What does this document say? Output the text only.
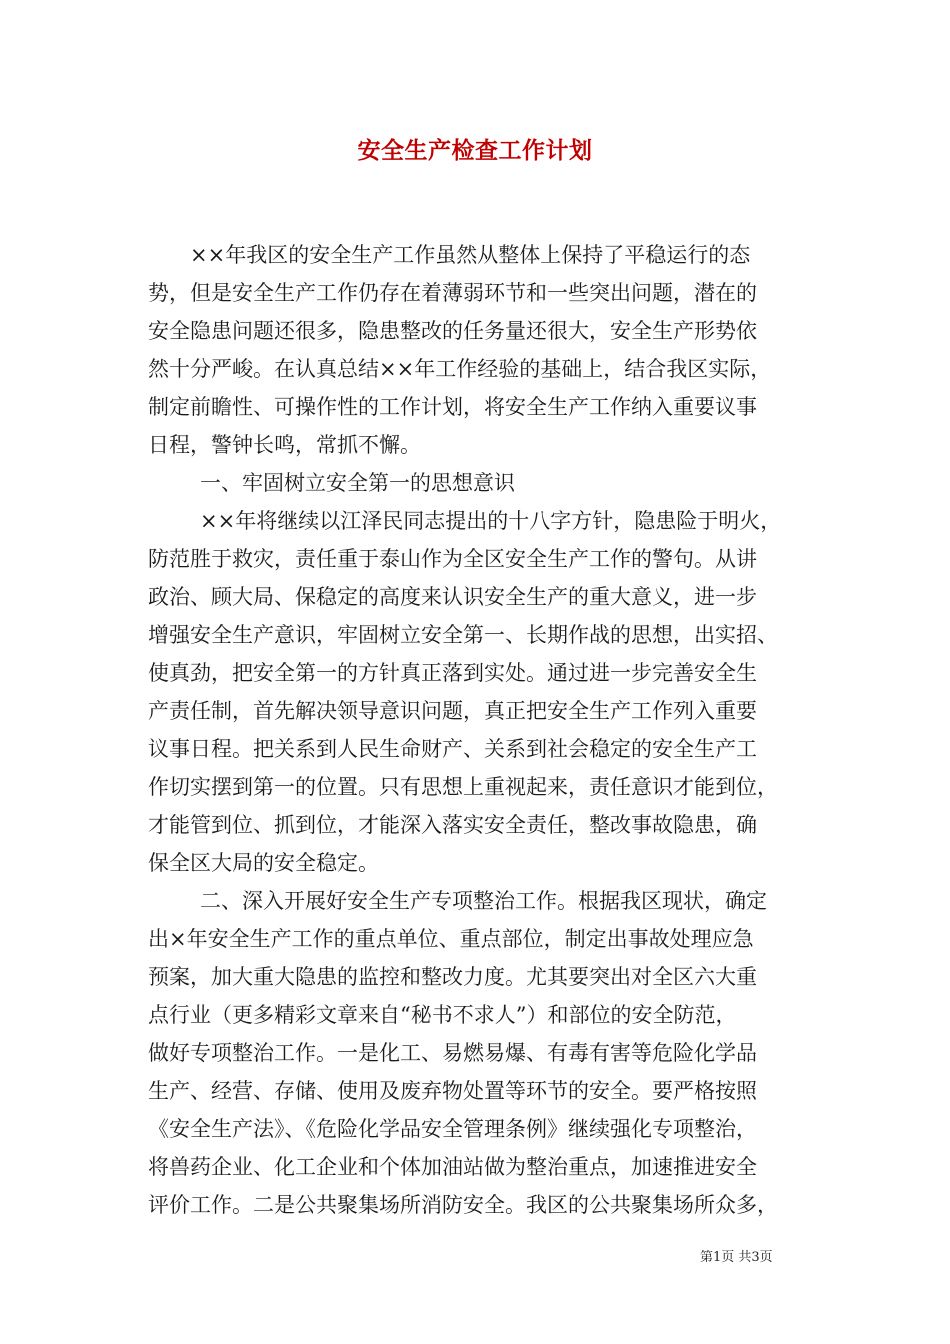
安全生产检查工作计划
××年我区的安全生产工作虽然从整体上保持了平稳运行的态
势，但是安全生产工作仍存在着薄弱环节和一些突出问题，潜在的
安全隐患问题还很多，隐患整改的任务量还很大，安全生产形势依
然十分严峻。在认真总结××年工作经验的基础上，结合我区实际，
制定前瞻性、可操作性的工作计划，将安全生产工作纳入重要议事
日程，警钟长鸣，常抓不懈。
一、牢固树立安全第一的思想意识
××年将继续以江泽民同志提出的十八字方针，隐患险于明火，
防范胜于救灾，责任重于泰山作为全区安全生产工作的警句。从讲
政治、顾大局、保稳定的高度来认识安全生产的重大意义，进一步
增强安全生产意识，牢固树立安全第一、长期作战的思想，出实招、
使真劲，把安全第一的方针真正落到实处。通过进一步完善安全生
产责任制，首先解决领导意识问题，真正把安全生产工作列入重要
议事日程。把关系到人民生命财产、关系到社会稳定的安全生产工
作切实摆到第一的位置。只有思想上重视起来，责任意识才能到位，
才能管到位、抓到位，才能深入落实安全责任，整改事故隐患，确
保全区大局的安全稳定。
二、深入开展好安全生产专项整治工作。根据我区现状，确定
出×年安全生产工作的重点单位、重点部位，制定出事故处理应急
预案，加大重大隐患的监控和整改力度。尤其要突出对全区六大重
点行业（更多精彩文章来自“秘书不求人”）和部位的安全防范，
做好专项整治工作。一是化工、易燃易爆、有毒有害等危险化学品
生产、经营、存储、使用及废弃物处置等环节的安全。要严格按照
《安全生产法》、《危险化学品安全管理条例》继续强化专项整治，
将兽药企业、化工企业和个体加油站做为整治重点，加速推进安全
评价工作。二是公共聚集场所消防安全。我区的公共聚集场所众多，
第1页 共3页
